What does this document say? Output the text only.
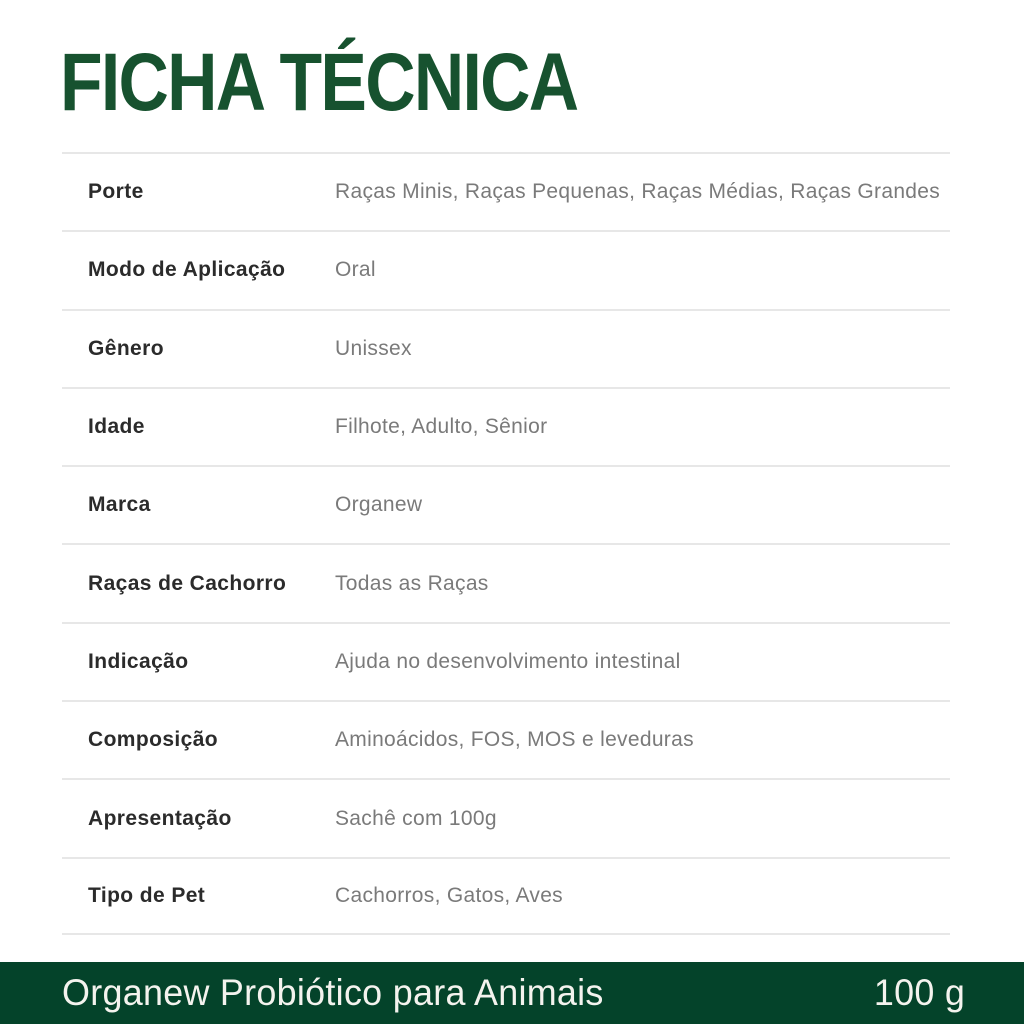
FICHA TÉCNICA
Porte	Raças Minis, Raças Pequenas, Raças Médias, Raças Grandes
Modo de Aplicação	Oral
Gênero	Unissex
Idade	Filhote, Adulto, Sênior
Marca	Organew
Raças de Cachorro	Todas as Raças
Indicação	Ajuda no desenvolvimento intestinal
Composição	Aminoácidos, FOS, MOS e leveduras
Apresentação	Sachê com 100g
Tipo de Pet	Cachorros, Gatos, Aves
Organew Probiótico para Animais	100 g
